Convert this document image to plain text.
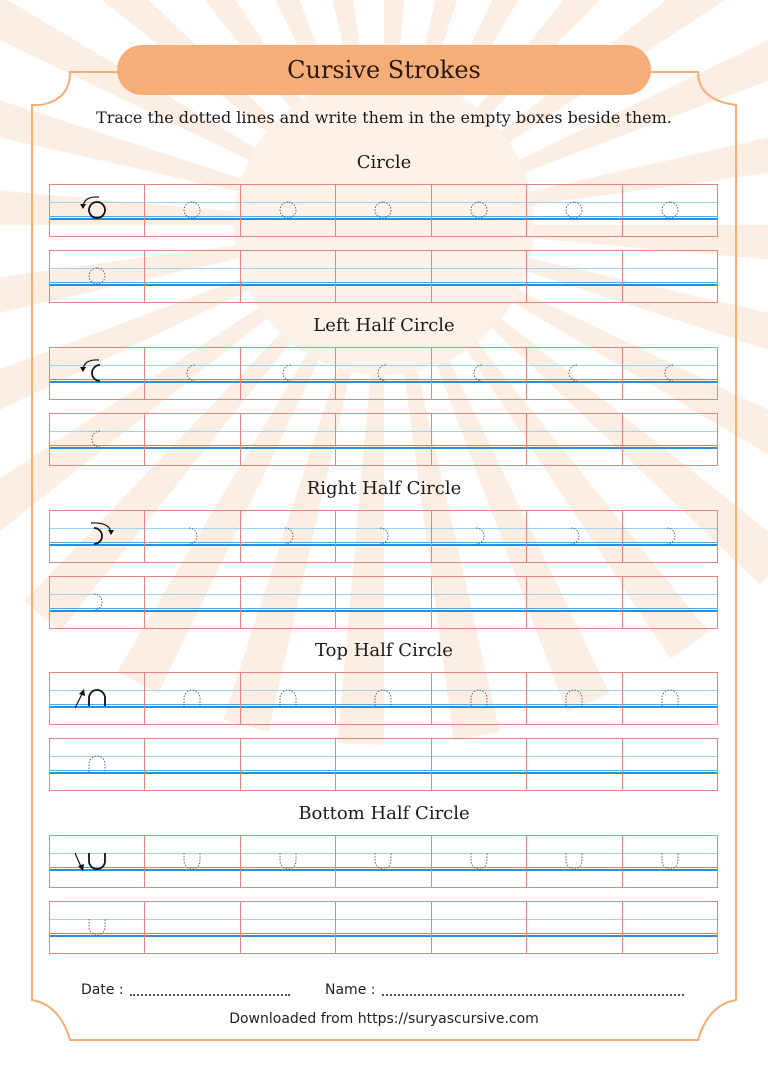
Cursive Strokes
Trace the dotted lines and write them in the empty boxes beside them.
Circle
Left Half Circle
Right Half Circle
Top Half Circle
Bottom Half Circle
Date :	Name :
Downloaded from https://suryascursive.com
